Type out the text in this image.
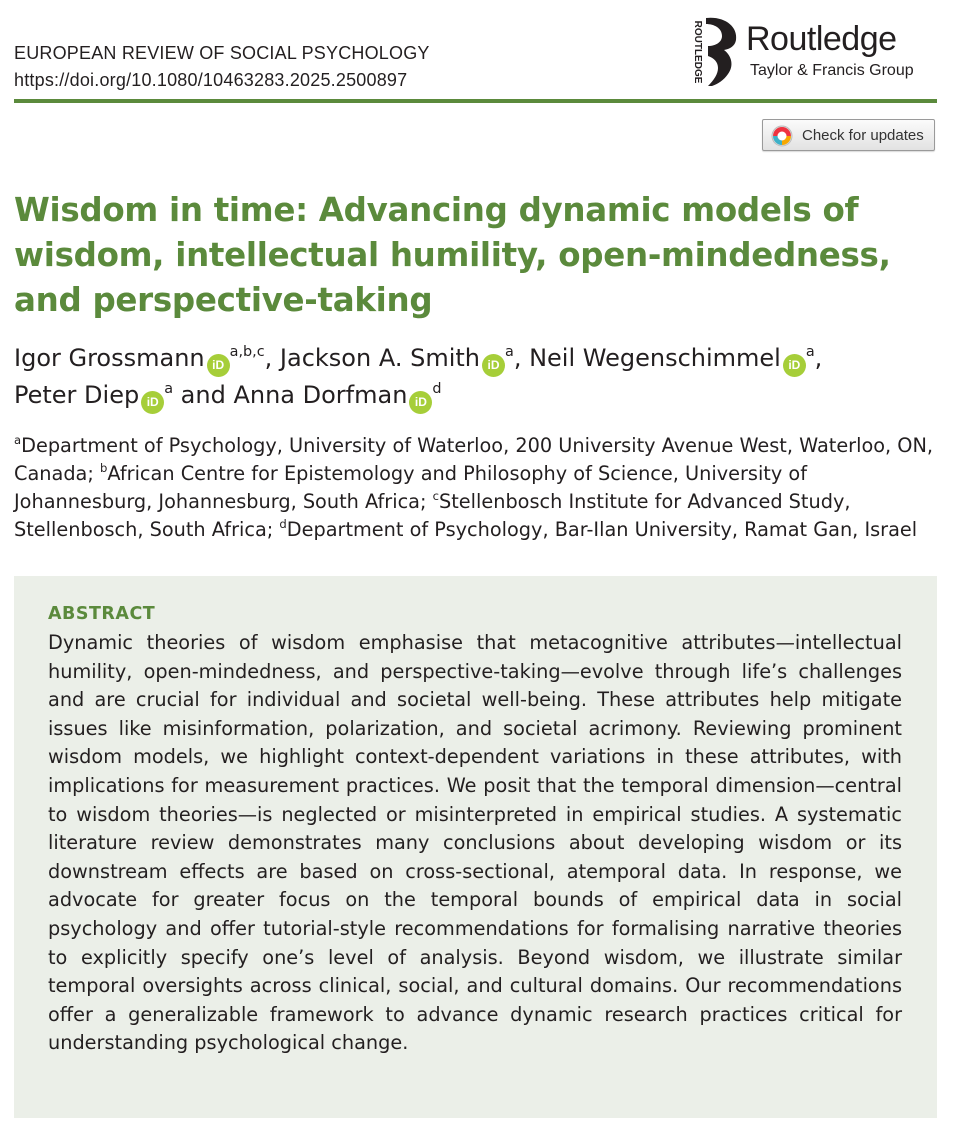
EUROPEAN REVIEW OF SOCIAL PSYCHOLOGY
https://doi.org/10.1080/10463283.2025.2500897	ROUTLEDGE Routledge
Taylor & Francis Group
Check for updates
Wisdom in time: Advancing dynamic models of wisdom, intellectual humility, open-mindedness, and perspective-taking
Igor Grossmann iD$^{a,b,c}$, Jackson A. Smith $iD^a$, Neil Wegenschimmel $iD^a$,
Peter Diep $iD^a$ and Anna Dorfman $iD^d$

$^a$Department of Psychology, University of Waterloo, 200 University Avenue West, Waterloo, ON, Canada; $^b$African Centre for Epistemology and Philosophy of Science, University of Johannesburg, Johannesburg, South Africa; $^c$Stellenbosch Institute for Advanced Study, Stellenbosch, South Africa; $^d$Department of Psychology, Bar-Ilan University, Ramat Gan, Israel

ABSTRACT

Dynamic theories of wisdom emphasise that metacognitive attributes—intellectual humility, open-mindedness, and perspective-taking—evolve through life’s challenges and are crucial for individual and societal well-being. These attributes help mitigate issues like misinformation, polarization, and societal acrimony. Reviewing prominent wisdom models, we highlight context-dependent variations in these attributes, with implications for measurement practices. We posit that the temporal dimension—central to wisdom theories—is neglected or misinterpreted in empirical studies. A systematic literature review demonstrates many conclusions about developing wisdom or its downstream effects are based on cross-sectional, atemporal data. In response, we advocate for greater focus on the temporal bounds of empirical data in social psychology and offer tutorial-style recommendations for formalising narrative theories to explicitly specify one’s level of analysis. Beyond wisdom, we illustrate similar temporal oversights across clinical, social, and cultural domains. Our recommendations offer a generalizable framework to advance dynamic research practices critical for understanding psychological change.
